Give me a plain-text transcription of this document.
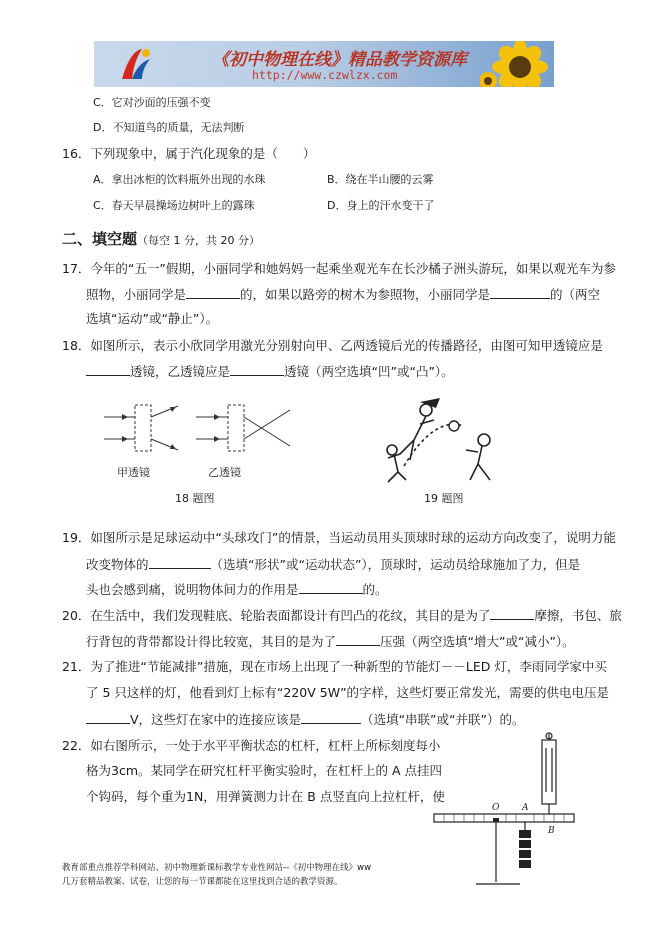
《初中物理在线》精品教学资源库
http://www.czwlzx.com
C．它对沙面的压强不变
D．不知道鸟的质量，无法判断
16．下列现象中，属于汽化现象的是（　　）
A．拿出冰柜的饮料瓶外出现的水珠	B．绕在半山腰的云雾
C．春天早晨操场边树叶上的露珠	D．身上的汗水变干了
二、填空题（每空 1 分，共 20 分）
17．今年的“五一”假期，小丽同学和她妈妈一起乘坐观光车在长沙橘子洲头游玩，如果以观光车为参
照物，小丽同学是	的，如果以路旁的树木为参照物，小丽同学是	的（两空
选填“运动”或“静止”）。
18．如图所示，表示小欣同学用激光分别射向甲、乙两透镜后光的传播路径，由图可知甲透镜应是
透镜，乙透镜应是	透镜（两空选填“凹”或“凸”）。
甲透镜	乙透镜
18 题图	19 题图
19．如图所示是足球运动中“头球攻门”的情景，当运动员用头顶球时球的运动方向改变了，说明力能
改变物体的	（选填“形状”或“运动状态”），顶球时，运动员给球施加了力，但是
头也会感到痛，说明物体间力的作用是	的。
20．在生活中，我们发现鞋底、轮胎表面都设计有凹凸的花纹，其目的是为了	摩擦，书包、旅
行背包的背带都设计得比较宽，其目的是为了	压强（两空选填“增大”或“减小”）。
21．为了推进“节能减排”措施，现在市场上出现了一种新型的节能灯－－LED 灯，李雨同学家中买
了 5 只这样的灯，他看到灯上标有“220V 5W”的字样，这些灯要正常发光，需要的供电电压是
V，这些灯在家中的连接应该是	（选填“串联”或“并联”）的。
22．如右图所示，一处于水平平衡状态的杠杆，杠杆上所标刻度每小
格为3cm。某同学在研究杠杆平衡实验时，在杠杆上的 A 点挂四
个钩码，每个重为1N，用弹簧测力计在 B 点竖直向上拉杠杆，使
O	A
B
教育部重点推荐学科网站、初中物理新课标教学专业性网站--《初中物理在线》ww
几万套精品教案、试卷，让您的每一节课都能在这里找到合适的教学资源。
